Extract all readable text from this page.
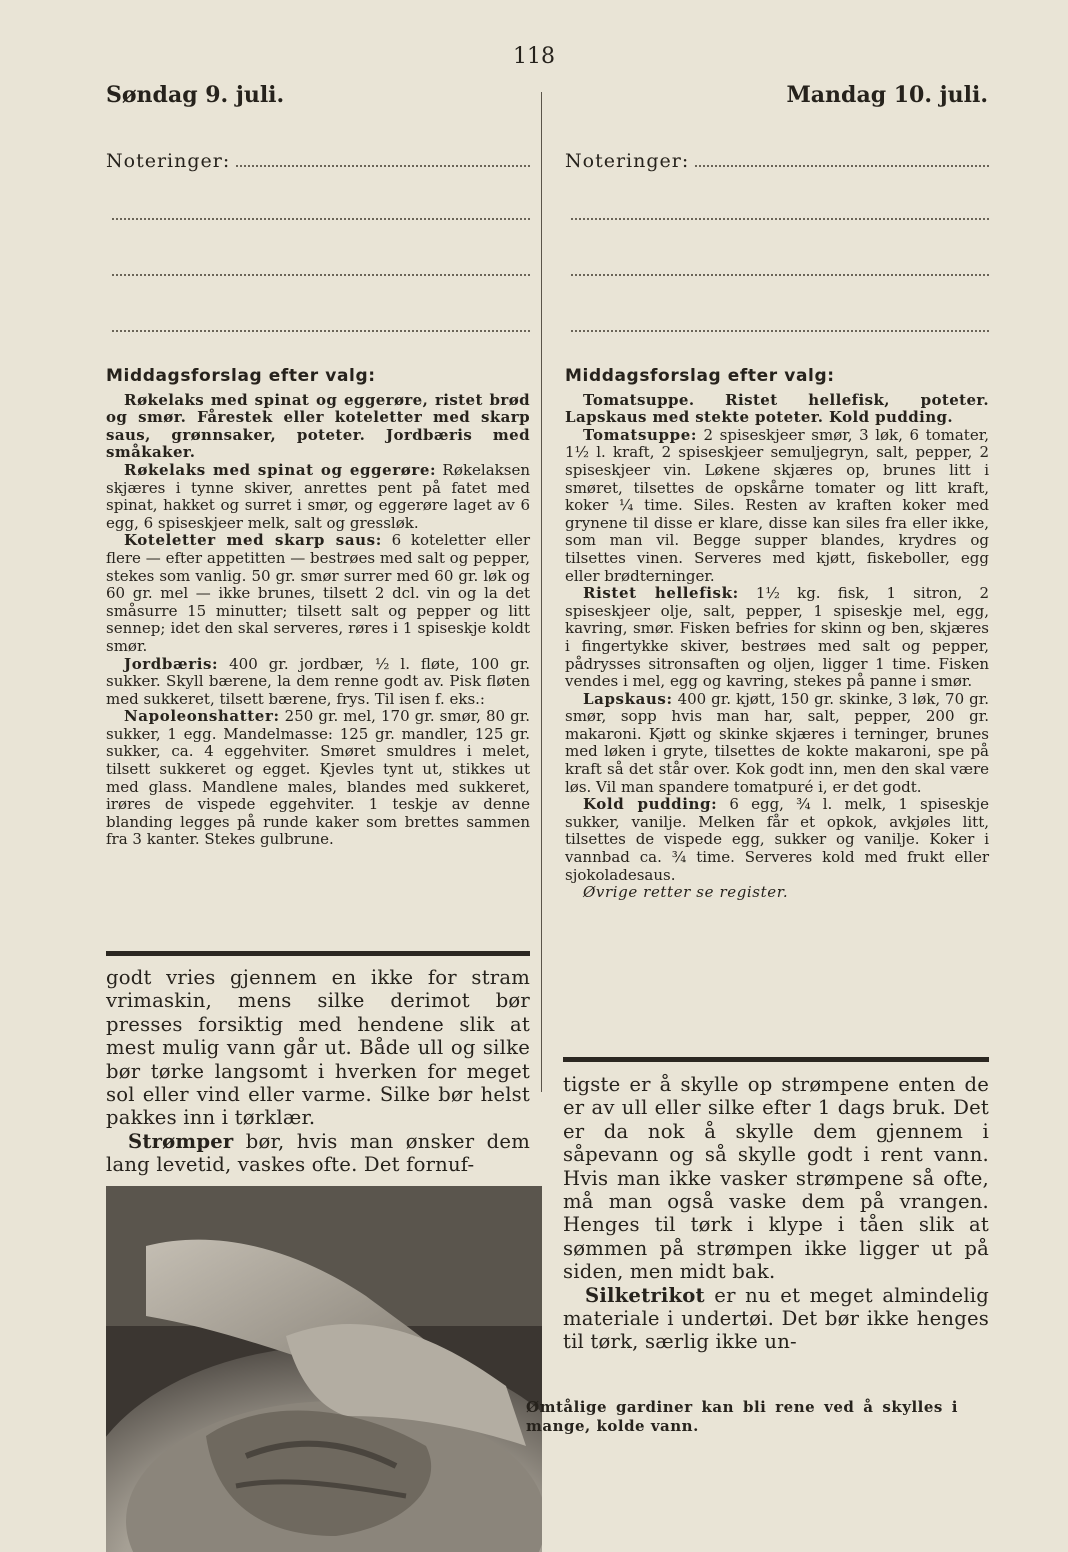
118
Søndag 9. juli.	Mandag 10. juli.
Noteringer:	Noteringer:
Middagsforslag efter valg:

Røkelaks med spinat og eggerøre, ristet brød og smør. Fårestek eller koteletter med skarp saus, grønnsaker, poteter. Jordbæris med småkaker.

Røkelaks med spinat og eggerøre: Røkelaksen skjæres i tynne skiver, anrettes pent på fatet med spinat, hakket og surret i smør, og eggerøre laget av 6 egg, 6 spiseskjeer melk, salt og gressløk.

Koteletter med skarp saus: 6 koteletter eller flere — efter appetitten — bestrøes med salt og pepper, stekes som vanlig. 50 gr. smør surrer med 60 gr. løk og 60 gr. mel — ikke brunes, tilsett 2 dcl. vin og la det småsurre 15 minutter; tilsett salt og pepper og litt sennep; idet den skal serveres, røres i 1 spiseskje koldt smør.

Jordbæris: 400 gr. jordbær, ½ l. fløte, 100 gr. sukker. Skyll bærene, la dem renne godt av. Pisk fløten med sukkeret, tilsett bærene, frys. Til isen f. eks.:

Napoleonshatter: 250 gr. mel, 170 gr. smør, 80 gr. sukker, 1 egg. Mandelmasse: 125 gr. mandler, 125 gr. sukker, ca. 4 eggehviter. Smøret smuldres i melet, tilsett sukkeret og egget. Kjevles tynt ut, stikkes ut med glass. Mandlene males, blandes med sukkeret, irøres de vispede eggehviter. 1 teskje av denne blanding legges på runde kaker som brettes sammen fra 3 kanter. Stekes gulbrune.

Middagsforslag efter valg:

Tomatsuppe. Ristet hellefisk, poteter. Lapskaus med stekte poteter. Kold pudding.

Tomatsuppe: 2 spiseskjeer smør, 3 løk, 6 tomater, 1½ l. kraft, 2 spiseskjeer semuljegryn, salt, pepper, 2 spiseskjeer vin. Løkene skjæres op, brunes litt i smøret, tilsettes de opskårne tomater og litt kraft, koker ¼ time. Siles. Resten av kraften koker med grynene til disse er klare, disse kan siles fra eller ikke, som man vil. Begge supper blandes, krydres og tilsettes vinen. Serveres med kjøtt, fiskeboller, egg eller brødterninger.

Ristet hellefisk: 1½ kg. fisk, 1 sitron, 2 spiseskjeer olje, salt, pepper, 1 spiseskje mel, egg, kavring, smør. Fisken befries for skinn og ben, skjæres i fingertykke skiver, bestrøes med salt og pepper, pådrysses sitronsaften og oljen, ligger 1 time. Fisken vendes i mel, egg og kavring, stekes på panne i smør.

Lapskaus: 400 gr. kjøtt, 150 gr. skinke, 3 løk, 70 gr. smør, sopp hvis man har, salt, pepper, 200 gr. makaroni. Kjøtt og skinke skjæres i terninger, brunes med løken i gryte, tilsettes de kokte makaroni, spe på kraft så det står over. Kok godt inn, men den skal være løs. Vil man spandere tomatpuré i, er det godt.

Kold pudding: 6 egg, ¾ l. melk, 1 spiseskje sukker, vanilje. Melken får et opkok, avkjøles litt, tilsettes de vispede egg, sukker og vanilje. Koker i vannbad ca. ¾ time. Serveres kold med frukt eller sjokoladesaus.

Øvrige retter se register.

godt vries gjennem en ikke for stram vrimaskin, mens silke derimot bør presses forsiktig med hendene slik at mest mulig vann går ut. Både ull og silke bør tørke langsomt i hverken for meget sol eller vind eller varme. Silke bør helst pakkes inn i tørklær.

Strømper bør, hvis man ønsker dem lang levetid, vaskes ofte. Det fornuf-

tigste er å skylle op strømpene enten de er av ull eller silke efter 1 dags bruk. Det er da nok å skylle dem gjennem i såpevann og så skylle godt i rent vann. Hvis man ikke vasker strømpene så ofte, må man også vaske dem på vrangen. Henges til tørk i klype i tåen slik at sømmen på strømpen ikke ligger ut på siden, men midt bak.

Silketrikot er nu et meget almindelig materiale i undertøi. Det bør ikke henges til tørk, særlig ikke un-

Ømtålige gardiner kan bli rene ved å skylles i mange, kolde vann.
